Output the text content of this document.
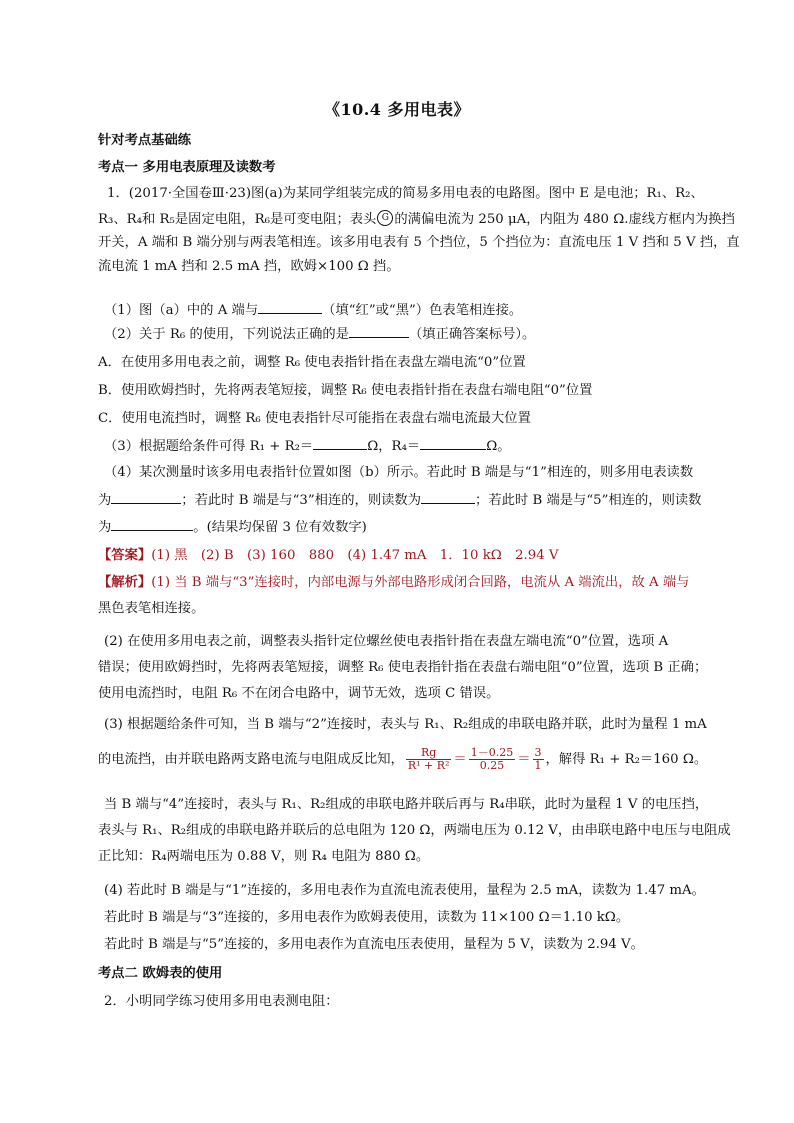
《10.4 多用电表》
针对考点基础练
考点一 多用电表原理及读数考
1．(2017·全国卷Ⅲ·23)图(a)为某同学组装完成的简易多用电表的电路图。图中 E 是电池；R₁、R₂、
R₃、R₄和 R₅是固定电阻，R₆是可变电阻；表头 G 的满偏电流为 250 μA，内阻为 480 Ω.虚线方框内为换挡
开关，A 端和 B 端分别与两表笔相连。该多用电表有 5 个挡位，5 个挡位为：直流电压 1 V 挡和 5 V 挡，直
流电流 1 mA 挡和 2.5 mA 挡，欧姆×100 Ω 挡。
（1）图（a）中的 A 端与	（填“红”或“黑”）色表笔相连接。
（2）关于 R₆ 的使用，下列说法正确的是	（填正确答案标号）。
A．在使用多用电表之前，调整 R₆ 使电表指针指在表盘左端电流“0”位置
B．使用欧姆挡时，先将两表笔短接，调整 R₆ 使电表指针指在表盘右端电阻“0”位置
C．使用电流挡时，调整 R₆ 使电表指针尽可能指在表盘右端电流最大位置
（3）根据题给条件可得 R₁ + R₂＝	Ω，R₄＝	Ω。
（4）某次测量时该多用电表指针位置如图（b）所示。若此时 B 端是与“1”相连的，则多用电表读数
为	；若此时 B 端是与“3”相连的，则读数为	；若此时 B 端是与“5”相连的，则读数
为	。(结果均保留 3 位有效数字)
【答案】(1) 黑　(2) B　(3) 160　880　(4) 1.47 mA　1．10 kΩ　2.94 V
【解析】(1) 当 B 端与“3”连接时，内部电源与外部电路形成闭合回路，电流从 A 端流出，故 A 端与
黑色表笔相连接。
(2) 在使用多用电表之前，调整表头指针定位螺丝使电表指针指在表盘左端电流“0”位置，选项 A
错误；使用欧姆挡时，先将两表笔短接，调整 R₆ 使电表指针指在表盘右端电阻“0”位置，选项 B 正确；
使用电流挡时，电阻 R₆ 不在闭合电路中，调节无效，选项 C 错误。
(3) 根据题给条件可知，当 B 端与“2”连接时，表头与 R₁、R₂组成的串联电路并联，此时为量程 1 mA
的电流挡，由并联电路两支路电流与电阻成反比知， $\frac{Rg}{\text{R¹ + R²}} = \frac{1-0.25}{0.25} = \frac{3}{1}$ ，解得 R₁ + R₂＝160 Ω。
当 B 端与“4”连接时，表头与 R₁、R₂组成的串联电路并联后再与 R₄串联，此时为量程 1 V 的电压挡，
表头与 R₁、R₂组成的串联电路并联后的总电阻为 120 Ω，两端电压为 0.12 V，由串联电路中电压与电阻成
正比知：R₄两端电压为 0.88 V，则 R₄ 电阻为 880 Ω。
(4) 若此时 B 端是与“1”连接的，多用电表作为直流电流表使用，量程为 2.5 mA，读数为 1.47 mA。
若此时 B 端是与“3”连接的，多用电表作为欧姆表使用，读数为 11×100 Ω＝1.10 kΩ。
若此时 B 端是与“5”连接的，多用电表作为直流电压表使用，量程为 5 V，读数为 2.94 V。
考点二 欧姆表的使用
2．小明同学练习使用多用电表测电阻：
